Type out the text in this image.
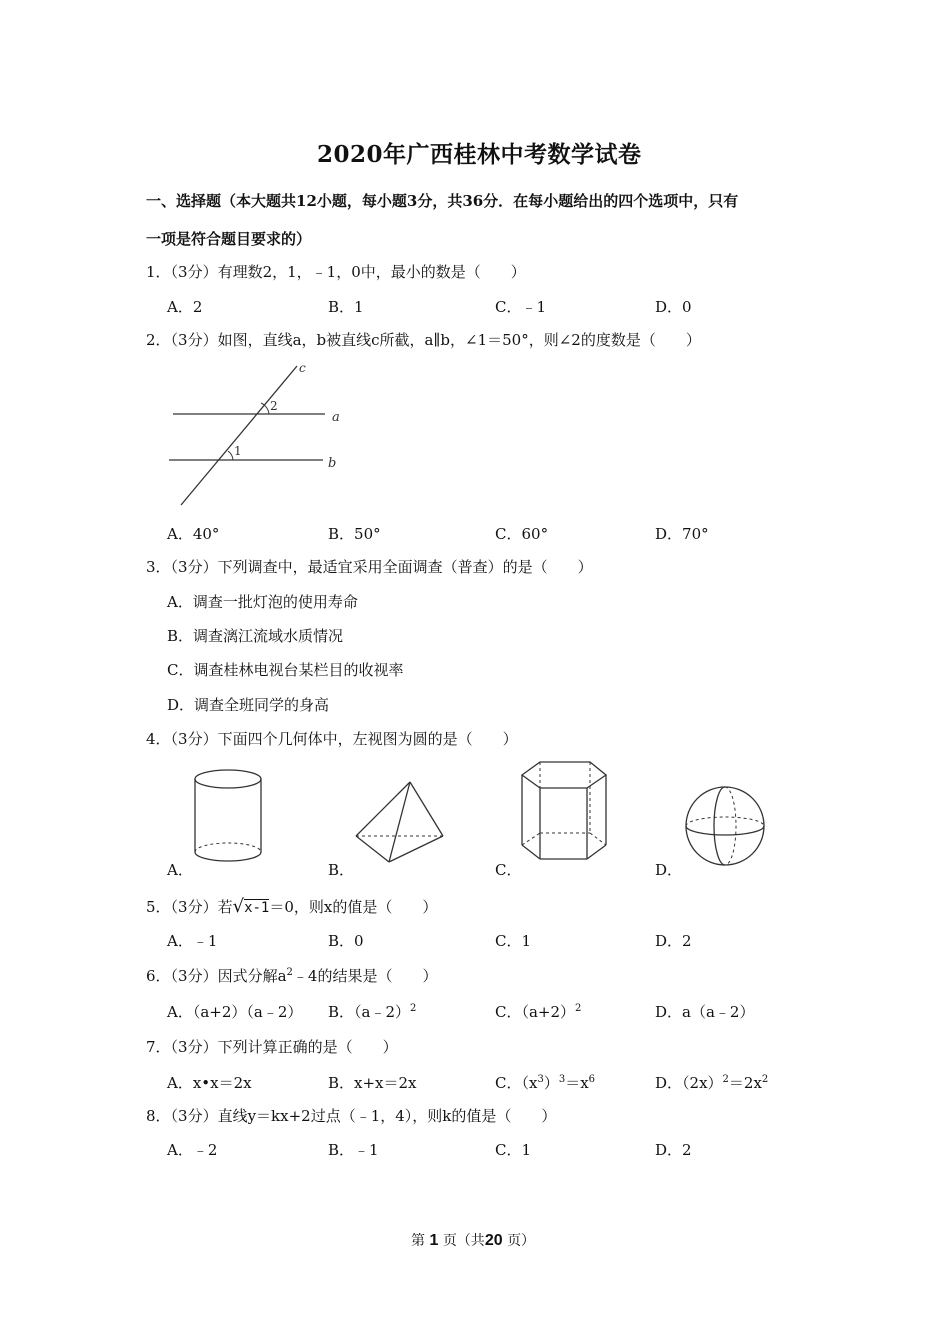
2020年广西桂林中考数学试卷
一、选择题（本大题共12小题，每小题3分，共36分．在每小题给出的四个选项中，只有
一项是符合题目要求的）
1．（3分）有理数2，1，﹣1，0中，最小的数是（　　）
A．2	B．1	C．﹣1	D．0
2．（3分）如图，直线a，b被直线c所截，a∥b，∠1＝50°，则∠2的度数是（　　）
c
2
a
1
b
A．40°	B．50°	C．60°	D．70°
3．（3分）下列调查中，最适宜采用全面调查（普查）的是（　　）
A．调查一批灯泡的使用寿命
B．调查漓江流域水质情况
C．调查桂林电视台某栏目的收视率
D．调查全班同学的身高
4．（3分）下面四个几何体中，左视图为圆的是（　　）
A．	B．	C．	D．
5．（3分）若√x-1＝0，则x的值是（　　）
A．﹣1	B．0	C．1	D．2
6．（3分）因式分解$a^2﹣4$的结果是（　　）
A．（a+2）（a﹣2） B．（a﹣2）$^2$	C．$(a+2)^2$	D．a（a﹣2）
7．（3分）下列计算正确的是（　　）
A．x•x＝2x	B．x+x＝2x	C．$(x^3)^3=x^6$	D．$(2x)^2=2x^2$
8．（3分）直线y＝kx+2过点（﹣1，4），则k的值是（　　）
A．﹣2	B．﹣1	C．1	D．2
第 1 页（共20 页）
